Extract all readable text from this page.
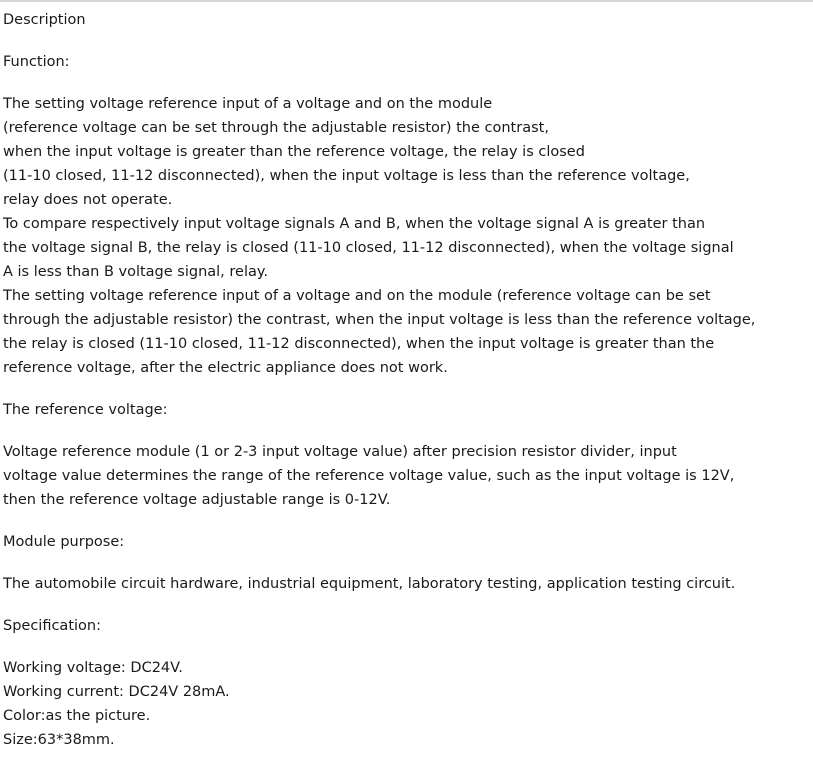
Description
Function:
The setting voltage reference input of a voltage and on the module
(reference voltage can be set through the adjustable resistor) the contrast,
when the input voltage is greater than the reference voltage, the relay is closed
(11-10 closed, 11-12 disconnected), when the input voltage is less than the reference voltage,
relay does not operate.
To compare respectively input voltage signals A and B, when the voltage signal A is greater than
the voltage signal B, the relay is closed (11-10 closed, 11-12 disconnected), when the voltage signal
A is less than B voltage signal, relay.
The setting voltage reference input of a voltage and on the module (reference voltage can be set
through the adjustable resistor) the contrast, when the input voltage is less than the reference voltage,
the relay is closed (11-10 closed, 11-12 disconnected), when the input voltage is greater than the
reference voltage, after the electric appliance does not work.
The reference voltage:
Voltage reference module (1 or 2-3 input voltage value) after precision resistor divider, input
voltage value determines the range of the reference voltage value, such as the input voltage is 12V,
then the reference voltage adjustable range is 0-12V.
Module purpose:
The automobile circuit hardware, industrial equipment, laboratory testing, application testing circuit.
Specification:
Working voltage: DC24V.
Working current: DC24V 28mA.
Color:as the picture.
Size:63*38mm.
